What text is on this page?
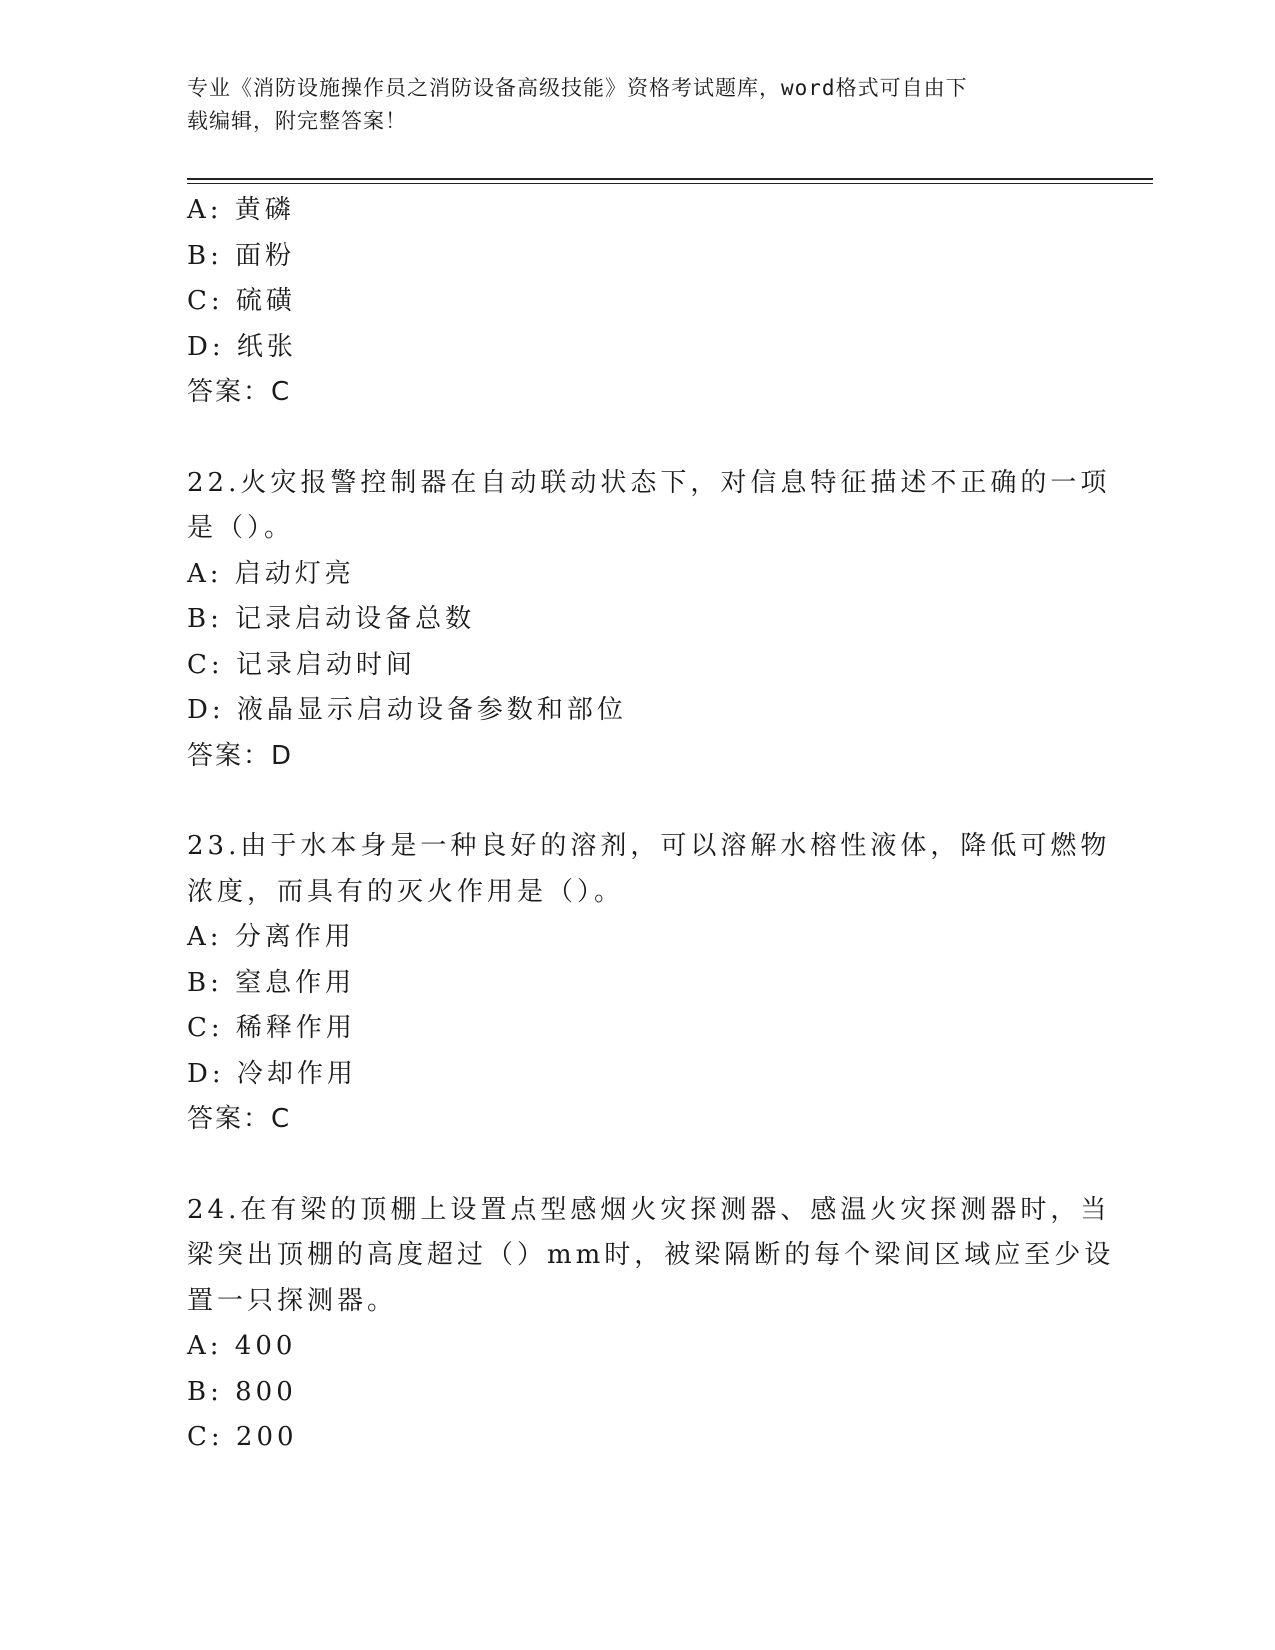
专业《消防设施操作员之消防设备高级技能》资格考试题库，word格式可自由下
载编辑，附完整答案！
A: 黄磷
B: 面粉
C: 硫磺
D: 纸张
答案：C
22.火灾报警控制器在自动联动状态下，对信息特征描述不正确的一项
是（）。
A: 启动灯亮
B: 记录启动设备总数
C: 记录启动时间
D: 液晶显示启动设备参数和部位
答案：D
23.由于水本身是一种良好的溶剂，可以溶解水榕性液体，降低可燃物
浓度，而具有的灭火作用是（）。
A: 分离作用
B: 窒息作用
C: 稀释作用
D: 冷却作用
答案：C
24.在有梁的顶棚上设置点型感烟火灾探测器、感温火灾探测器时，当
梁突出顶棚的高度超过（）mm时，被梁隔断的每个梁间区域应至少设
置一只探测器。
A: 400
B: 800
C: 200
